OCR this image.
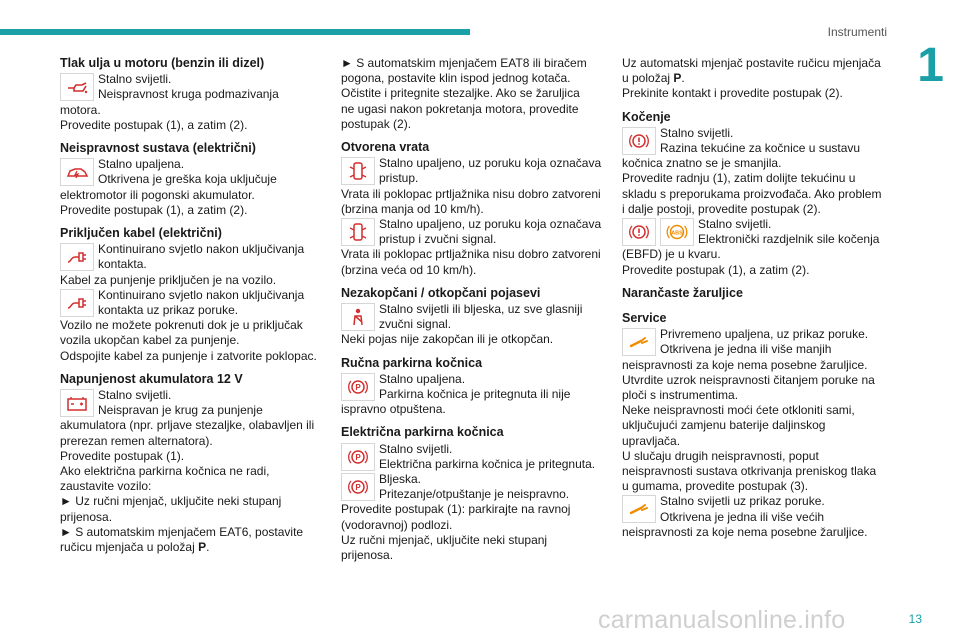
Instrumenti
1
Tlak ulja u motoru (benzin ili dizel)

Stalno svijetli.

Neispravnost kruga podmazivanja

motora.

Provedite postupak (1), a zatim (2).

Neispravnost sustava (električni)

Stalno upaljena.

Otkrivena je greška koja uključuje

elektromotor ili pogonski akumulator.

Provedite postupak (1), a zatim (2).

Priključen kabel (električni)

Kontinuirano svjetlo nakon uključivanja

kontakta.

Kabel za punjenje priključen je na vozilo.

Kontinuirano svjetlo nakon uključivanja

kontakta uz prikaz poruke.

Vozilo ne možete pokrenuti dok je u priključak

vozila ukopčan kabel za punjenje.

Odspojite kabel za punjenje i zatvorite poklopac.

Napunjenost akumulatora 12 V

Stalno svijetli.

Neispravan je krug za punjenje

akumulatora (npr. prljave stezaljke, olabavljen ili

prerezan remen alternatora).

Provedite postupak (1).

Ako električna parkirna kočnica ne radi,

zaustavite vozilo:

► Uz ručni mjenjač, uključite neki stupanj

prijenosa.

► S automatskim mjenjačem EAT6, postavite

ručicu mjenjača u položaj P.

► S automatskim mjenjačem EAT8 ili biračem

pogona, postavite klin ispod jednog kotača.

Očistite i pritegnite stezaljke. Ako se žaruljica

ne ugasi nakon pokretanja motora, provedite

postupak (2).

Otvorena vrata

Stalno upaljeno, uz poruku koja označava

pristup.

Vrata ili poklopac prtljažnika nisu dobro zatvoreni

(brzina manja od 10 km/h).

Stalno upaljeno, uz poruku koja označava

pristup i zvučni signal.

Vrata ili poklopac prtljažnika nisu dobro zatvoreni

(brzina veća od 10 km/h).

Nezakopčani / otkopčani pojasevi

Stalno svijetli ili bljeska, uz sve glasniji

zvučni signal.

Neki pojas nije zakopčan ili je otkopčan.

Ručna parkirna kočnica
P

Stalno upaljena.

Parkirna kočnica je pritegnuta ili nije

ispravno otpuštena.

Električna parkirna kočnica
P

Stalno svijetli.

Električna parkirna kočnica je pritegnuta.

P

Bljeska.

Pritezanje/otpuštanje je neispravno.

Provedite postupak (1): parkirajte na ravnoj

(vodoravnoj) podlozi.

Uz ručni mjenjač, uključite neki stupanj

prijenosa.

Uz automatski mjenjač postavite ručicu mjenjača

u položaj P.

Prekinite kontakt i provedite postupak (2).

Kočenje

Stalno svijetli.

Razina tekućine za kočnice u sustavu

kočnica znatno se je smanjila.

Provedite radnju (1), zatim dolijte tekućinu u

skladu s preporukama proizvođača. Ako problem

i dalje postoji, provedite postupak (2).

ABS

Stalno svijetli.

Elektronički razdjelnik sile kočenja

(EBFD) je u kvaru.

Provedite postupak (1), a zatim (2).

Narančaste žaruljice
Service

Privremeno upaljena, uz prikaz poruke.

Otkrivena je jedna ili više manjih

neispravnosti za koje nema posebne žaruljice.

Utvrdite uzrok neispravnosti čitanjem poruke na

ploči s instrumentima.

Neke neispravnosti moći ćete otkloniti sami,

uključujući zamjenu baterije daljinskog

upravljača.

U slučaju drugih neispravnosti, poput

neispravnosti sustava otkrivanja preniskog tlaka

u gumama, provedite postupak (3).

Stalno svijetli uz prikaz poruke.

Otkrivena je jedna ili više većih

neispravnosti za koje nema posebne žaruljice.

carmanualsonline.info	13
